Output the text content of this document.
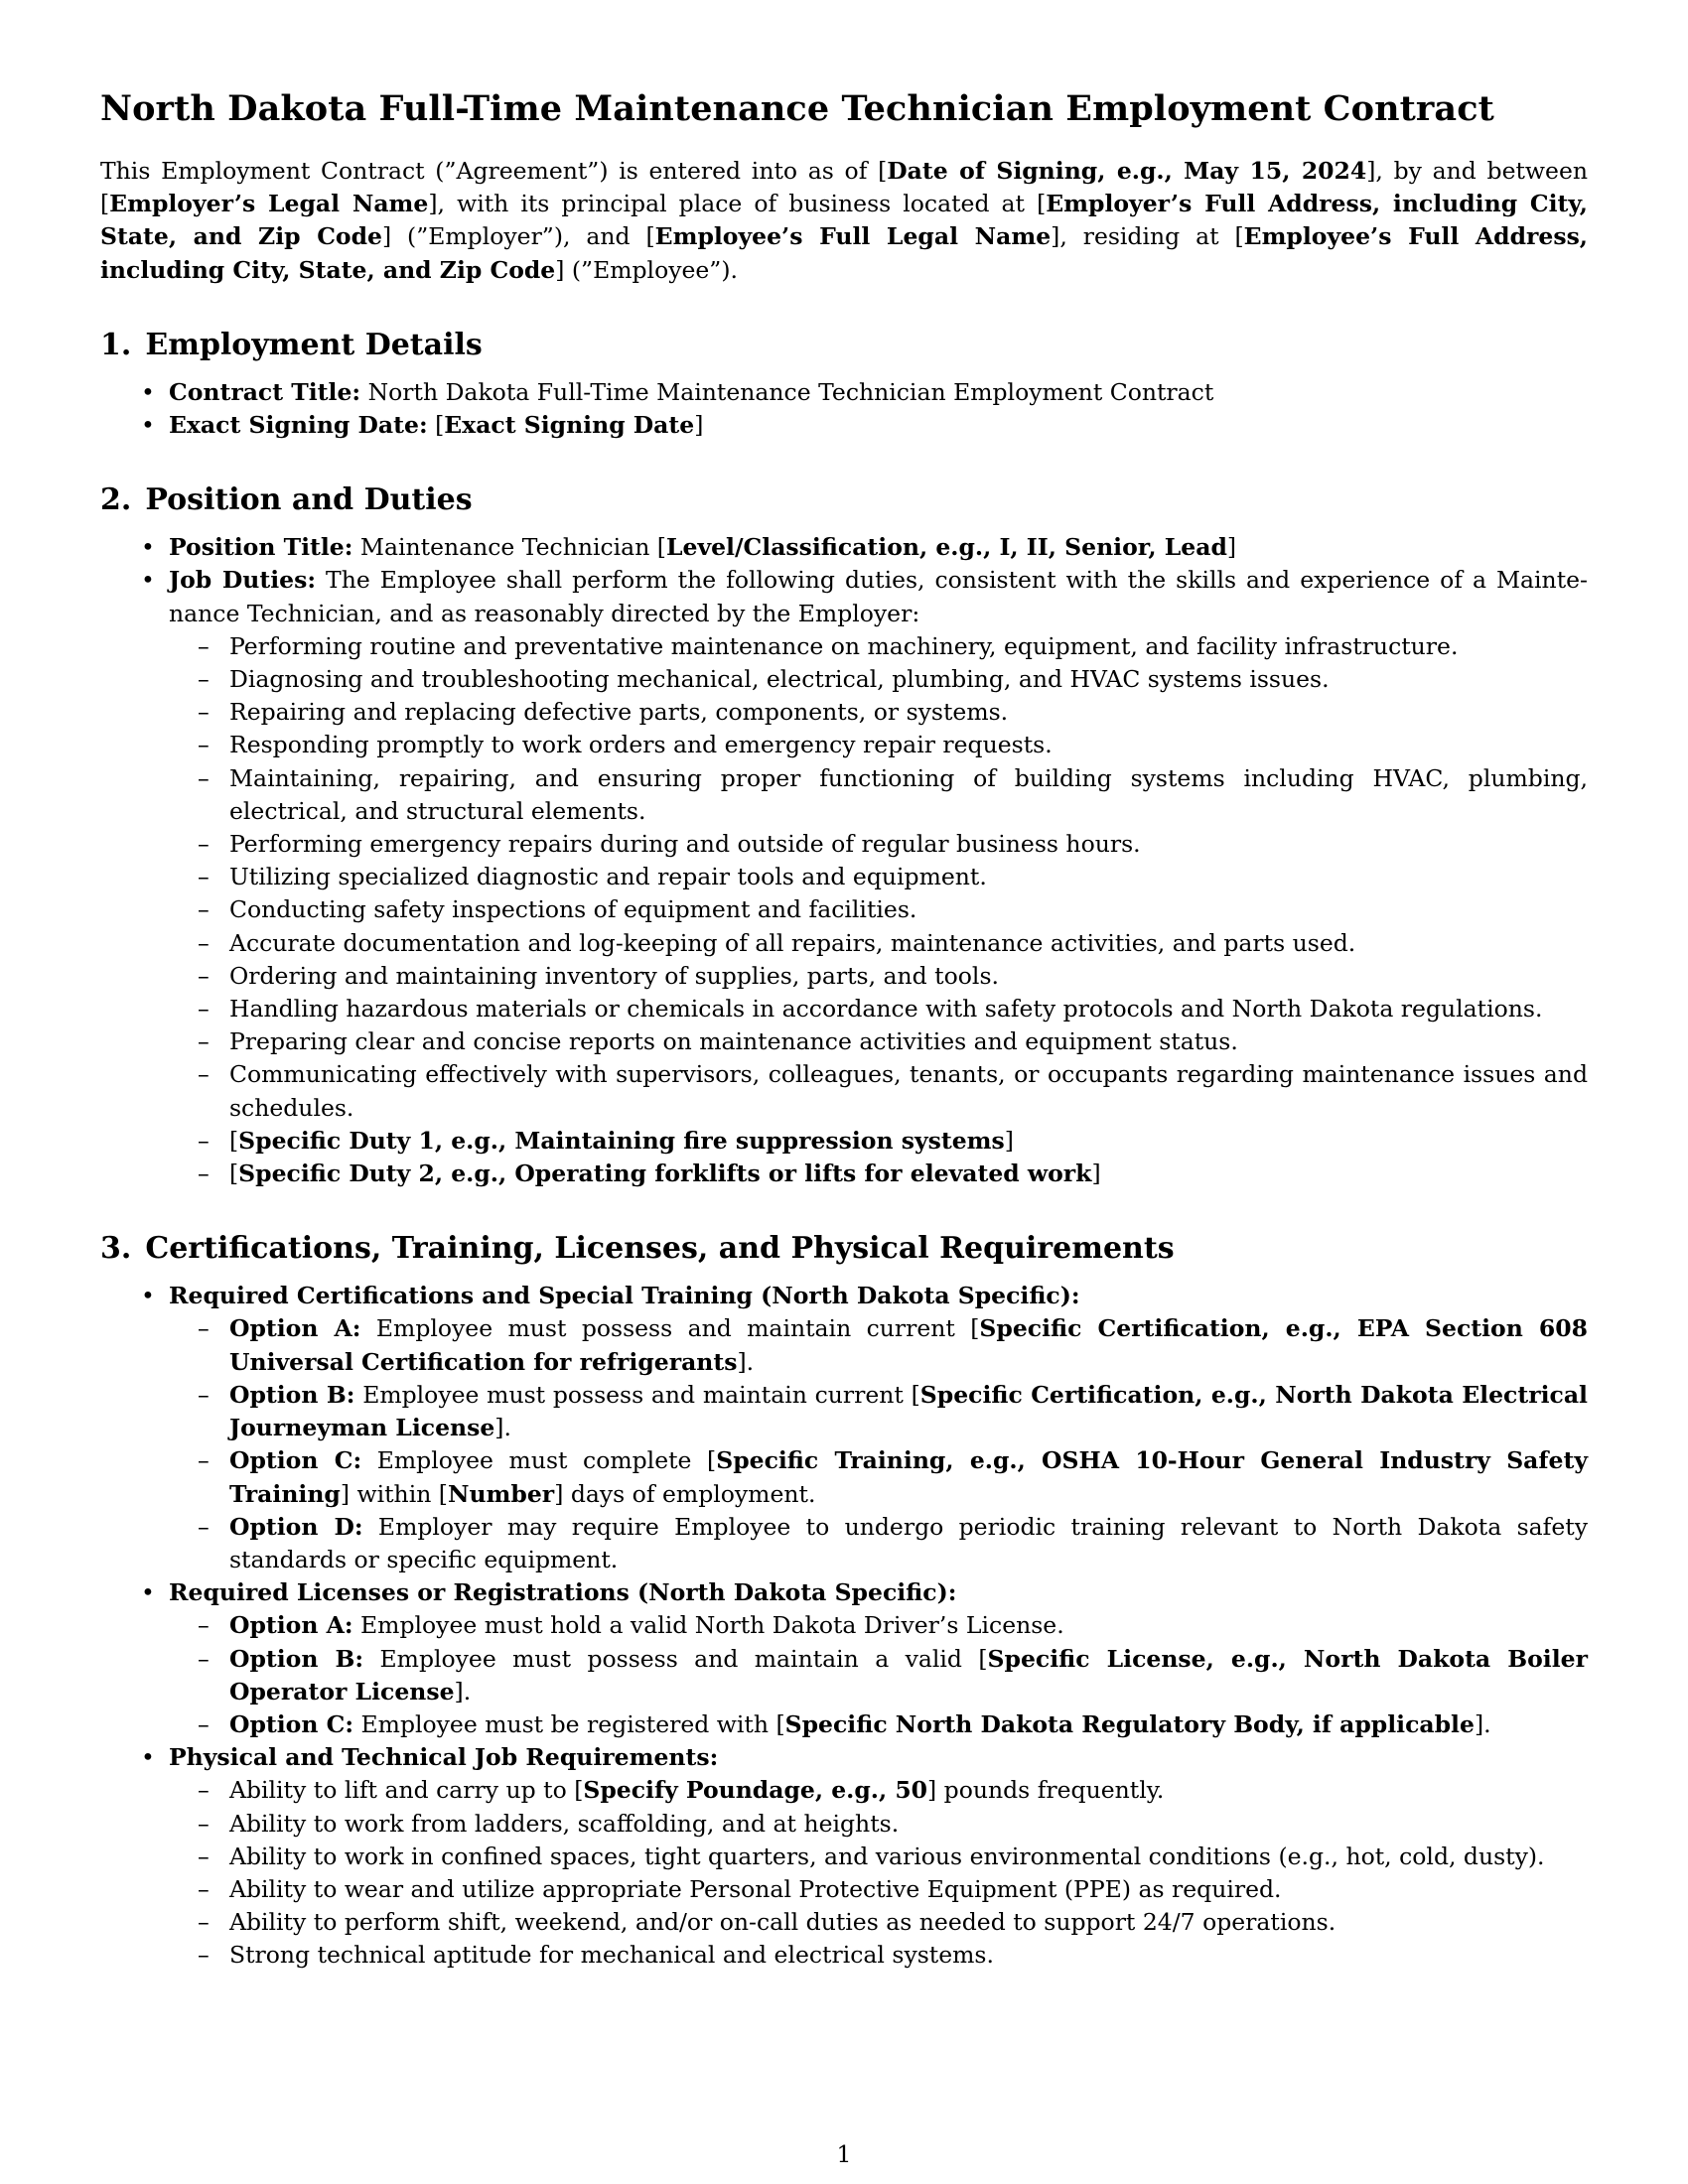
North Dakota Full-Time Maintenance Technician Employment Contract

This Employment Contract (”Agreement”) is entered into as of [Date of Signing, e.g., May 15, 2024], by and between [Employer’s Legal Name], with its principal place of business located at [Employer’s Full Address, including City, State, and Zip Code] (”Employer”), and [Employee’s Full Legal Name], residing at [Employee’s Full Address, including City, State, and Zip Code] (”Employee”).

1. Employment Details
• Contract Title: North Dakota Full-Time Maintenance Technician Employment Contract
• Exact Signing Date: [Exact Signing Date]
2. Position and Duties
• Position Title: Maintenance Technician [Level/Classification, e.g., I, II, Senior, Lead]
• Job Duties: The Employee shall perform the following duties, consistent with the skills and experience of a Maintenance Technician, and as reasonably directed by the Employer:
– Performing routine and preventative maintenance on machinery, equipment, and facility infrastructure.
– Diagnosing and troubleshooting mechanical, electrical, plumbing, and HVAC systems issues.
– Repairing and replacing defective parts, components, or systems.
– Responding promptly to work orders and emergency repair requests.
– Maintaining, repairing, and ensuring proper functioning of building systems including HVAC, plumbing, electrical, and structural elements.
– Performing emergency repairs during and outside of regular business hours.
– Utilizing specialized diagnostic and repair tools and equipment.
– Conducting safety inspections of equipment and facilities.
– Accurate documentation and log-keeping of all repairs, maintenance activities, and parts used.
– Ordering and maintaining inventory of supplies, parts, and tools.
– Handling hazardous materials or chemicals in accordance with safety protocols and North Dakota regulations.
– Preparing clear and concise reports on maintenance activities and equipment status.
– Communicating effectively with supervisors, colleagues, tenants, or occupants regarding maintenance issues and schedules.
– [Specific Duty 1, e.g., Maintaining fire suppression systems]
– [Specific Duty 2, e.g., Operating forklifts or lifts for elevated work]
3. Certifications, Training, Licenses, and Physical Requirements
• Required Certifications and Special Training (North Dakota Specific):
– Option A: Employee must possess and maintain current [Specific Certification, e.g., EPA Section 608 Universal Certification for refrigerants].
– Option B: Employee must possess and maintain current [Specific Certification, e.g., North Dakota Electrical Journeyman License].
– Option C: Employee must complete [Specific Training, e.g., OSHA 10-Hour General Industry Safety Training] within [Number] days of employment.
– Option D: Employer may require Employee to undergo periodic training relevant to North Dakota safety standards or specific equipment.
• Required Licenses or Registrations (North Dakota Specific):
– Option A: Employee must hold a valid North Dakota Driver’s License.
– Option B: Employee must possess and maintain a valid [Specific License, e.g., North Dakota Boiler Operator License].
– Option C: Employee must be registered with [Specific North Dakota Regulatory Body, if applicable].
• Physical and Technical Job Requirements:
– Ability to lift and carry up to [Specify Poundage, e.g., 50] pounds frequently.
– Ability to work from ladders, scaffolding, and at heights.
– Ability to work in confined spaces, tight quarters, and various environmental conditions (e.g., hot, cold, dusty).
– Ability to wear and utilize appropriate Personal Protective Equipment (PPE) as required.
– Ability to perform shift, weekend, and/or on-call duties as needed to support 24/7 operations.
– Strong technical aptitude for mechanical and electrical systems.
1
